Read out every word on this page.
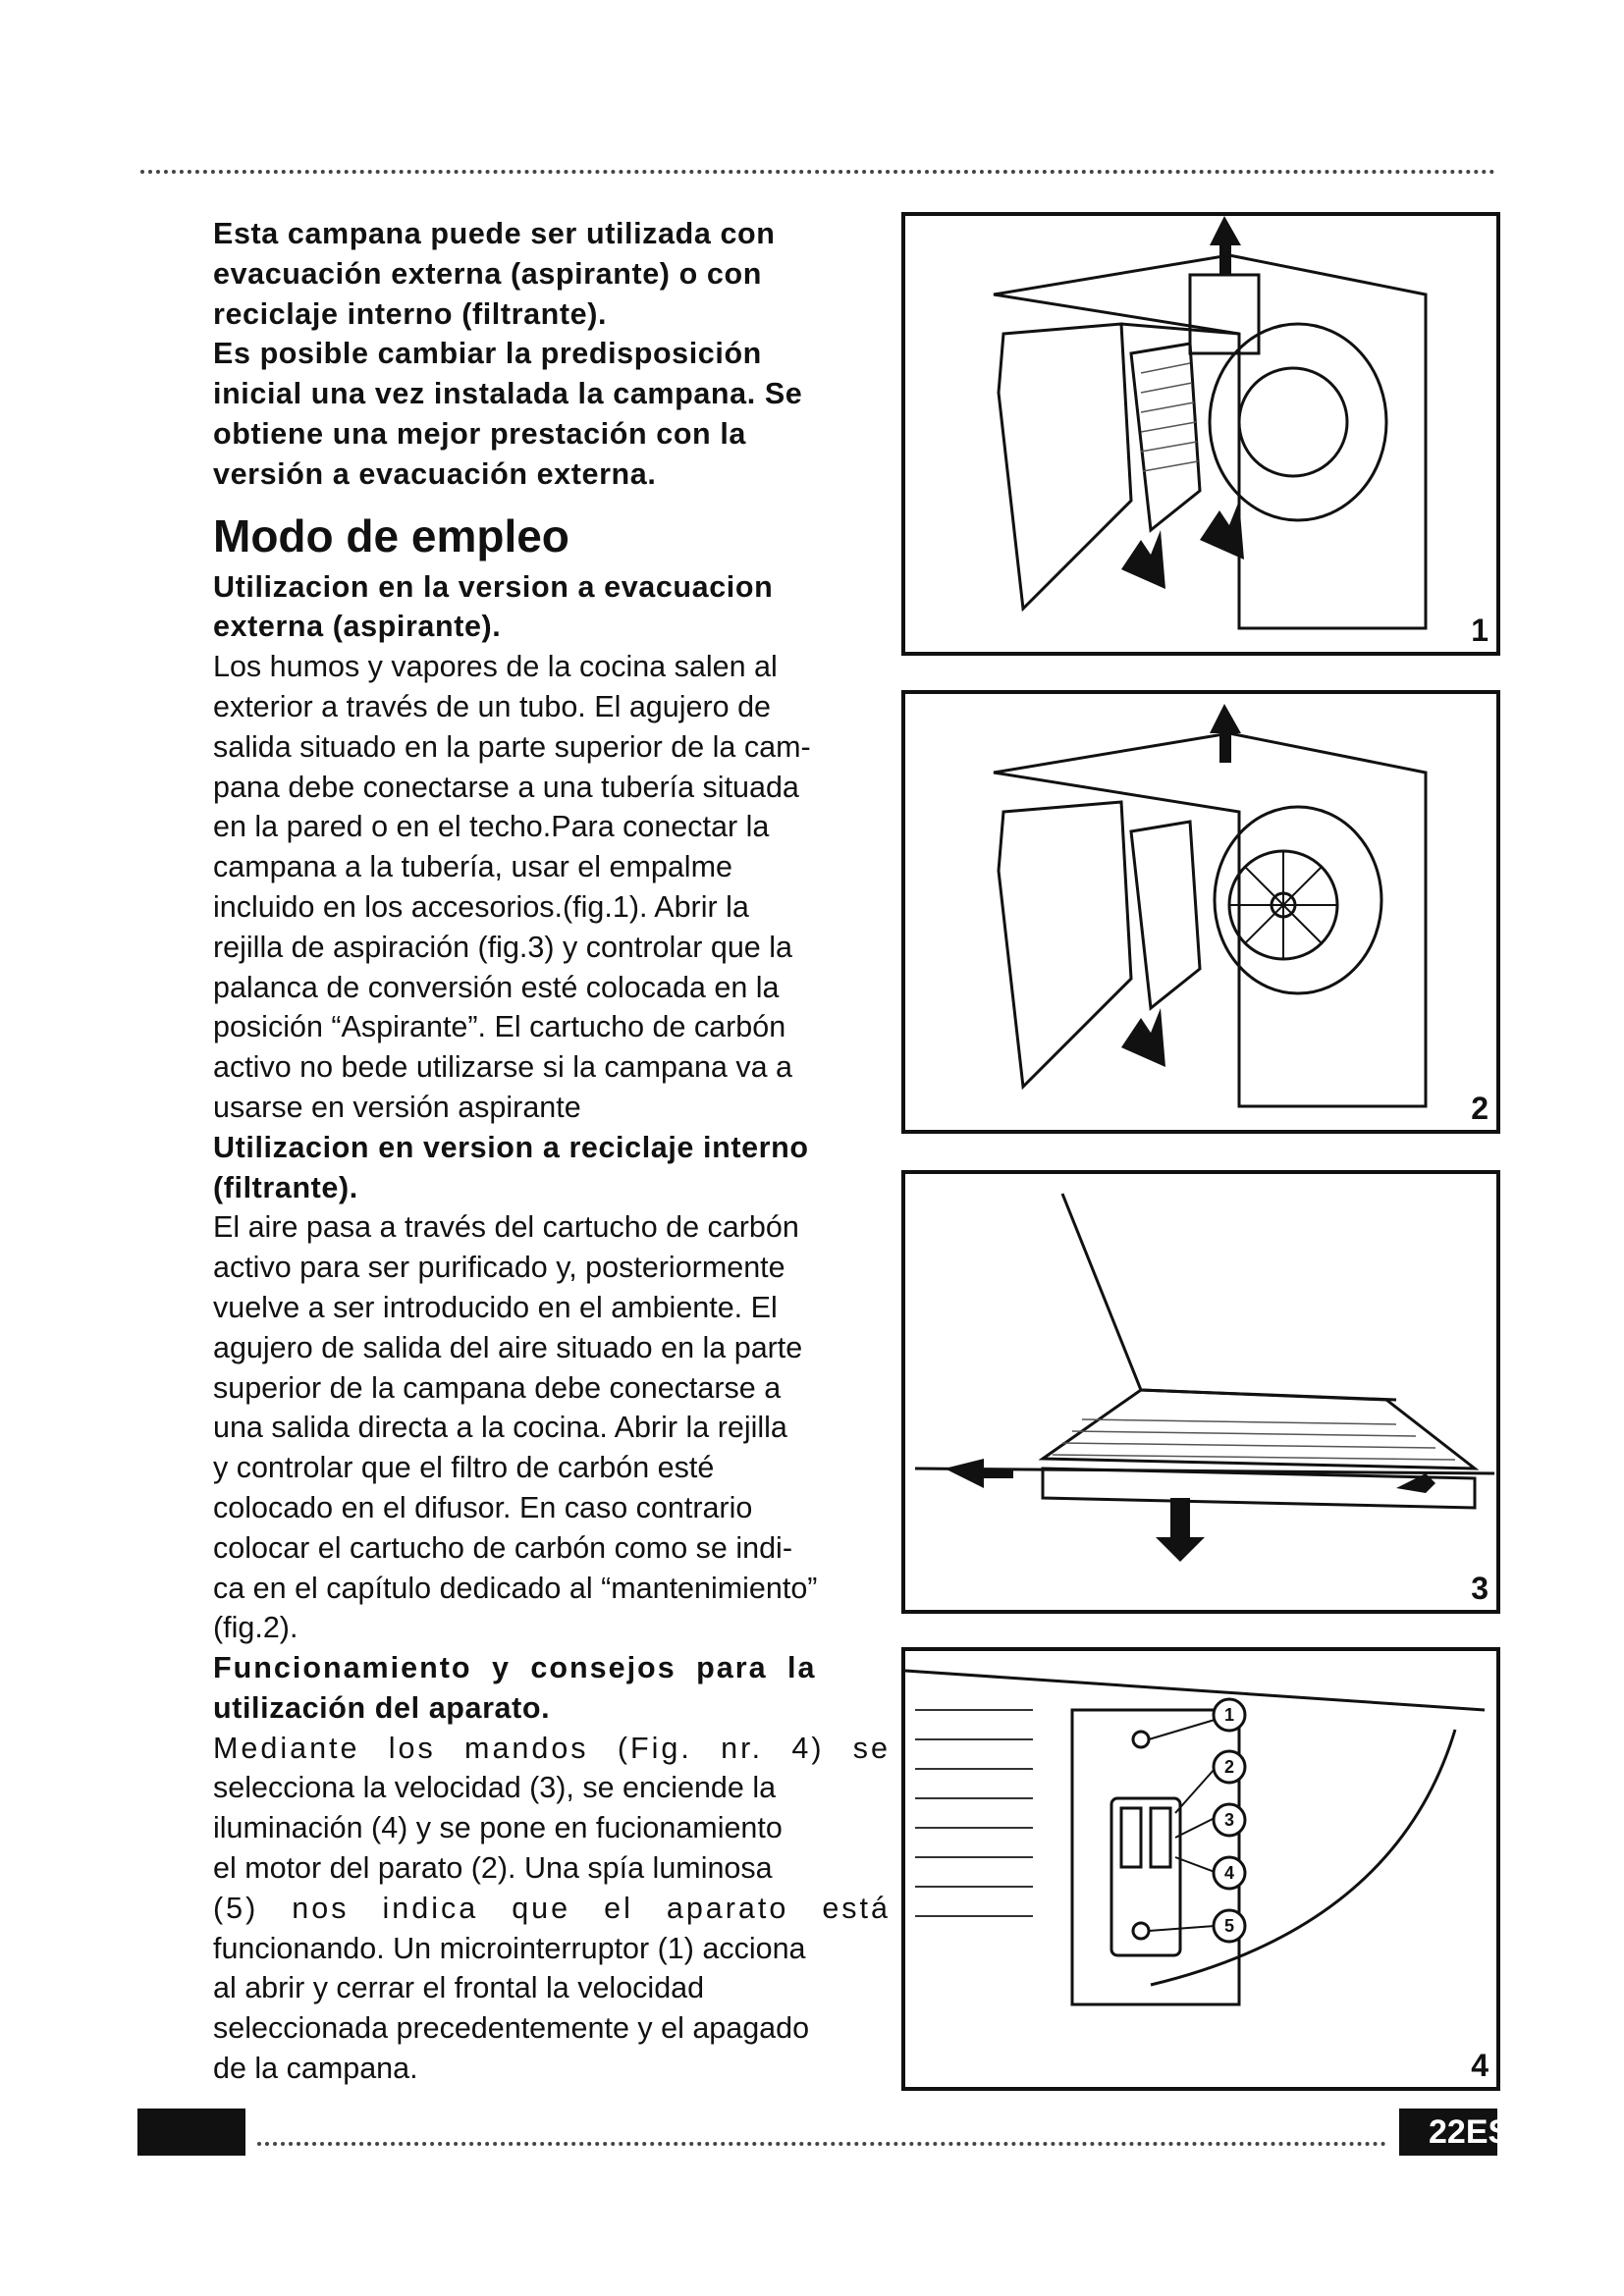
Esta campana puede ser utilizada con

evacuación externa (aspirante) o con

reciclaje interno (filtrante).

Es posible cambiar la predisposición

inicial una vez instalada la campana. Se

obtiene una mejor prestación con la

versión a evacuación externa.

Modo de empleo

Utilizacion en la version a evacuacion

externa (aspirante).

Los humos y vapores de la cocina salen al

exterior a través de un tubo. El agujero de

salida situado en la parte superior de la cam-

pana debe conectarse a una tubería situada

en la pared o en el techo.Para conectar la

campana a la tubería, usar el empalme

incluido en los accesorios.(fig.1). Abrir la

rejilla de aspiración (fig.3) y controlar que la

palanca de conversión esté colocada en la

posición “Aspirante”. El cartucho de carbón

activo no bede utilizarse si la campana va a

usarse en versión aspirante

Utilizacion en version a reciclaje interno

(filtrante).

El aire pasa a través del cartucho de carbón

activo para ser purificado y, posteriormente

vuelve a ser introducido en el ambiente. El

agujero de salida del aire situado en la parte

superior de la campana debe conectarse a

una salida directa a la cocina. Abrir la rejilla

y controlar que el filtro de carbón esté

colocado en el difusor. En caso contrario

colocar el cartucho de carbón como se indi-

ca en el capítulo dedicado al “mantenimiento”

(fig.2).

Funcionamiento y consejos para la

utilización del aparato.

Mediante los mandos (Fig. nr. 4) se

selecciona la velocidad (3), se enciende la

iluminación (4) y se pone en fucionamiento

el motor del parato (2). Una spía luminosa

(5) nos indica que el aparato está

funcionando. Un microinterruptor (1) acciona

al abrir y cerrar el frontal la velocidad

seleccionada precedentemente y el apagado

de la campana.

1
2
3
1
2
3
4
5
4
22ES
